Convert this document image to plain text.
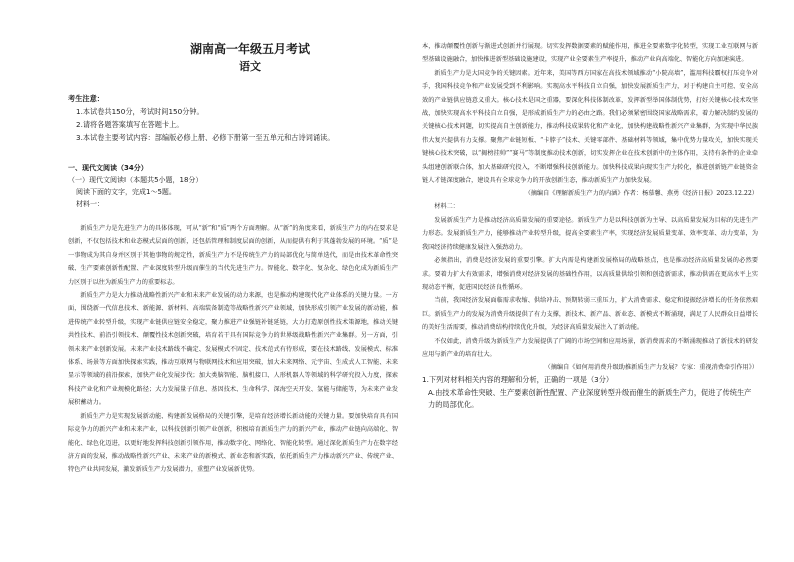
湖南高一年级五月考试
语文
考生注意：
1.本试卷共150分，考试时间150分钟。
2.请将各题答案填写在答题卡上。
3.本试卷主要考试内容：部编版必修上册、必修下册第一至五单元和古诗词诵读。
一、现代文阅读（34分）
（一）现代文阅读Ⅰ（本题共5小题，18分）
阅读下面的文字，完成1～5题。
材料一：

新质生产力是先进生产力的具体体现，可从“新”和“质”两个方面理解。从“新”的角度来看，新质生产力的内在要求是创新，不仅包括技术和业态模式层面的创新，还包括管理和制度层面的创新，从而提供有利于其蓬勃发展的环境。“质”是一事物成为其自身并区别于其他事物的规定性，新质生产力不是传统生产力的局部优化与简单迭代，而是由技术革命性突破、生产要素创新性配置、产业深度转型升级而催生的当代先进生产力。智能化、数字化、复杂化、绿色化成为新质生产力区别于以往为新质生产力的重要标志。

新质生产力是大力推动战略性新兴产业和未来产业发展的动力来源，也是推动构建现代化产业体系的关键力量。一方面，围绕新一代信息技术、新能源、新材料、高端装备制造等战略性新兴产业领域，加快形成引领产业发展的新动能，推进传统产业转型升级，实现产业链供应链安全稳定，聚力推进产业强链补链延链，大力打造原创性技术策源地，推动关键共性技术、前沿引领技术、颠覆性技术创新突破，培育若干具有国际竞争力的世界级战略性新兴产业集群。另一方面，引领未来产业创新发展。未来产业技术路线不确定、发展模式不固定、技术范式有待形成，要在技术路线、发展模式、标准体系、场景等方面加快探索实践，推动互联网与物联网技术和应用突破，加大未来网络、元宇宙、生成式人工智能、未来显示等领域的前沿探索，加快产业化发展步伐；加大类脑智能、脑机接口、人形机器人等领域的科学研究投入力度，探索科技产业化和产业规模化路径；大力发展量子信息、基因技术、生命科学、深海空天开发、氢能与储能等，为未来产业发展积蓄动力。

新质生产力是实现发展新动能、构建新发展格局的关键引擎，是培育经济增长新动能的关键力量。要加快培育具有国际竞争力的新兴产业和未来产业，以科技创新引领产业创新，积极培育新质生产力的新兴产业，推动产业链向高端化、智能化、绿色化迈进，以更好地发挥科技创新引领作用，推动数字化、网络化、智能化转型。通过深化新质生产力在数字经济方面的发展，推动战略性新兴产业、未来产业的新模式、新业态和新实践，依托新质生产力推动新兴产业、传统产业、特色产业共同发展，激发新质生产力发展潜力，重塑产业发展新优势。

本，推动颠覆性创新与渐进式创新并行展现。切实发挥数据要素的赋能作用，推进全要素数字化转型，实现工业互联网与新型基础设施融合，加快推进新型基础设施建设，实现产业全要素生产率提升，推动产业向高端化、智能化方向加速演进。

新质生产力是大国竞争的关键因素。近年来，美国等西方国家在高技术领域推动“小院高墙”，滥用科技霸权打压竞争对手，我国科技竞争和产业发展受到不利影响。实现高水平科技自立自强，加快发展新质生产力，对于构建自主可控、安全高效的产业链供应链意义重大。核心技术是国之重器，要深化科技体制改革，发挥新型举国体制优势，打好关键核心技术攻坚战，加快实现高水平科技自立自强，是形成新质生产力的必由之路。我们必须紧密围绕国家战略需求，着力解决制约发展的关键核心技术问题，切实提高自主创新能力，推动科技成果转化和产业化，加快构建战略性新兴产业集群，为实现中华民族伟大复兴提供有力支撑。聚焦产业链短板、“卡脖子”技术、关键零部件、基础材料等领域，集中优势力量攻关，加快实现关键核心技术突破，以“揭榜挂帅”“赛马”等制度推动技术创新，切实发挥企业在技术创新中的主体作用，支持有条件的企业牵头组建创新联合体，加大基础研究投入，不断增强科技创新能力。加快科技成果向现实生产力转化，推进创新链产业链资金链人才链深度融合，建设具有全球竞争力的开放创新生态，推动新质生产力加快发展。

（摘编自《理解新质生产力的内涵》作者：杨慕馨、燕勇《经济日报》2023.12.22）
材料二：

发展新质生产力是推动经济高质量发展的重要途径。新质生产力是以科技创新为主导、以高质量发展为目标的先进生产力形态。发展新质生产力，能够推动产业转型升级，提高全要素生产率，实现经济发展质量变革、效率变革、动力变革，为我国经济持续健康发展注入强劲动力。

必须指出，消费是经济发展的重要引擎。扩大内需是构建新发展格局的战略基点，也是推动经济高质量发展的必然要求。要着力扩大有效需求，增强消费对经济发展的基础性作用，以高质量供给引领和创造新需求，推动供需在更高水平上实现动态平衡，促进国民经济良性循环。

当前，我国经济发展面临需求收缩、供给冲击、预期转弱三重压力，扩大消费需求、稳定和提振经济增长的任务依然艰巨。新质生产力的发展为消费升级提供了有力支撑，新技术、新产品、新业态、新模式不断涌现，满足了人民群众日益增长的美好生活需要，推动消费结构持续优化升级，为经济高质量发展注入了新动能。

不仅如此，消费升级为新质生产力发展提供了广阔的市场空间和应用场景，新消费需求的不断涌现推动了新技术的研发应用与新产业的培育壮大。

（摘编自《如何用消费升级助推新质生产力发展？专家：重视消费牵引作用》）
1.下列对材料相关内容的理解和分析，正确的一项是（3分）
A.由技术革命性突破、生产要素创新性配置、产业深度转型升级而催生的新质生产力，促进了传统生产力的局部优化。
